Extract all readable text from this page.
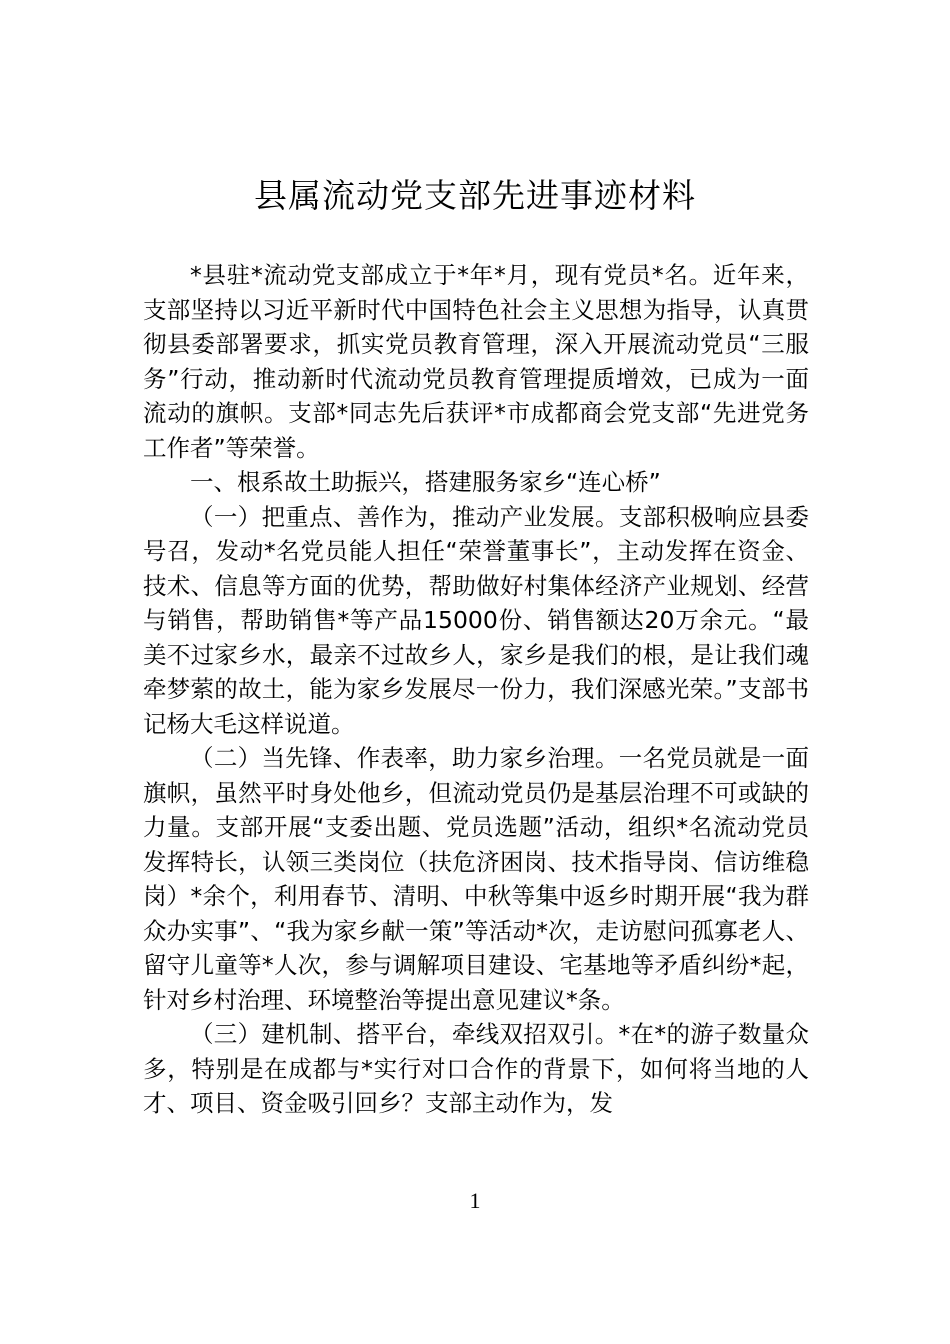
县属流动党支部先进事迹材料

*县驻*流动党支部成立于*年*月，现有党员*名。近年来，支部坚持以习近平新时代中国特色社会主义思想为指导，认真贯彻县委部署要求，抓实党员教育管理，深入开展流动党员“三服务”行动，推动新时代流动党员教育管理提质增效，已成为一面流动的旗帜。支部*同志先后获评*市成都商会党支部“先进党务工作者”等荣誉。

一、根系故土助振兴，搭建服务家乡“连心桥”

（一）把重点、善作为，推动产业发展。支部积极响应县委号召，发动*名党员能人担任“荣誉董事长”，主动发挥在资金、技术、信息等方面的优势，帮助做好村集体经济产业规划、经营与销售，帮助销售*等产品15000份、销售额达20万余元。“最美不过家乡水，最亲不过故乡人，家乡是我们的根，是让我们魂牵梦萦的故土，能为家乡发展尽一份力，我们深感光荣。”支部书记杨大毛这样说道。

（二）当先锋、作表率，助力家乡治理。一名党员就是一面旗帜，虽然平时身处他乡，但流动党员仍是基层治理不可或缺的力量。支部开展“支委出题、党员选题”活动，组织*名流动党员发挥特长，认领三类岗位（扶危济困岗、技术指导岗、信访维稳岗）*余个，利用春节、清明、中秋等集中返乡时期开展“我为群众办实事”、“我为家乡献一策”等活动*次，走访慰问孤寡老人、留守儿童等*人次，参与调解项目建设、宅基地等矛盾纠纷*起，针对乡村治理、环境整治等提出意见建议*条。

（三）建机制、搭平台，牵线双招双引。*在*的游子数量众多，特别是在成都与*实行对口合作的背景下，如何将当地的人才、项目、资金吸引回乡？支部主动作为，发

1
